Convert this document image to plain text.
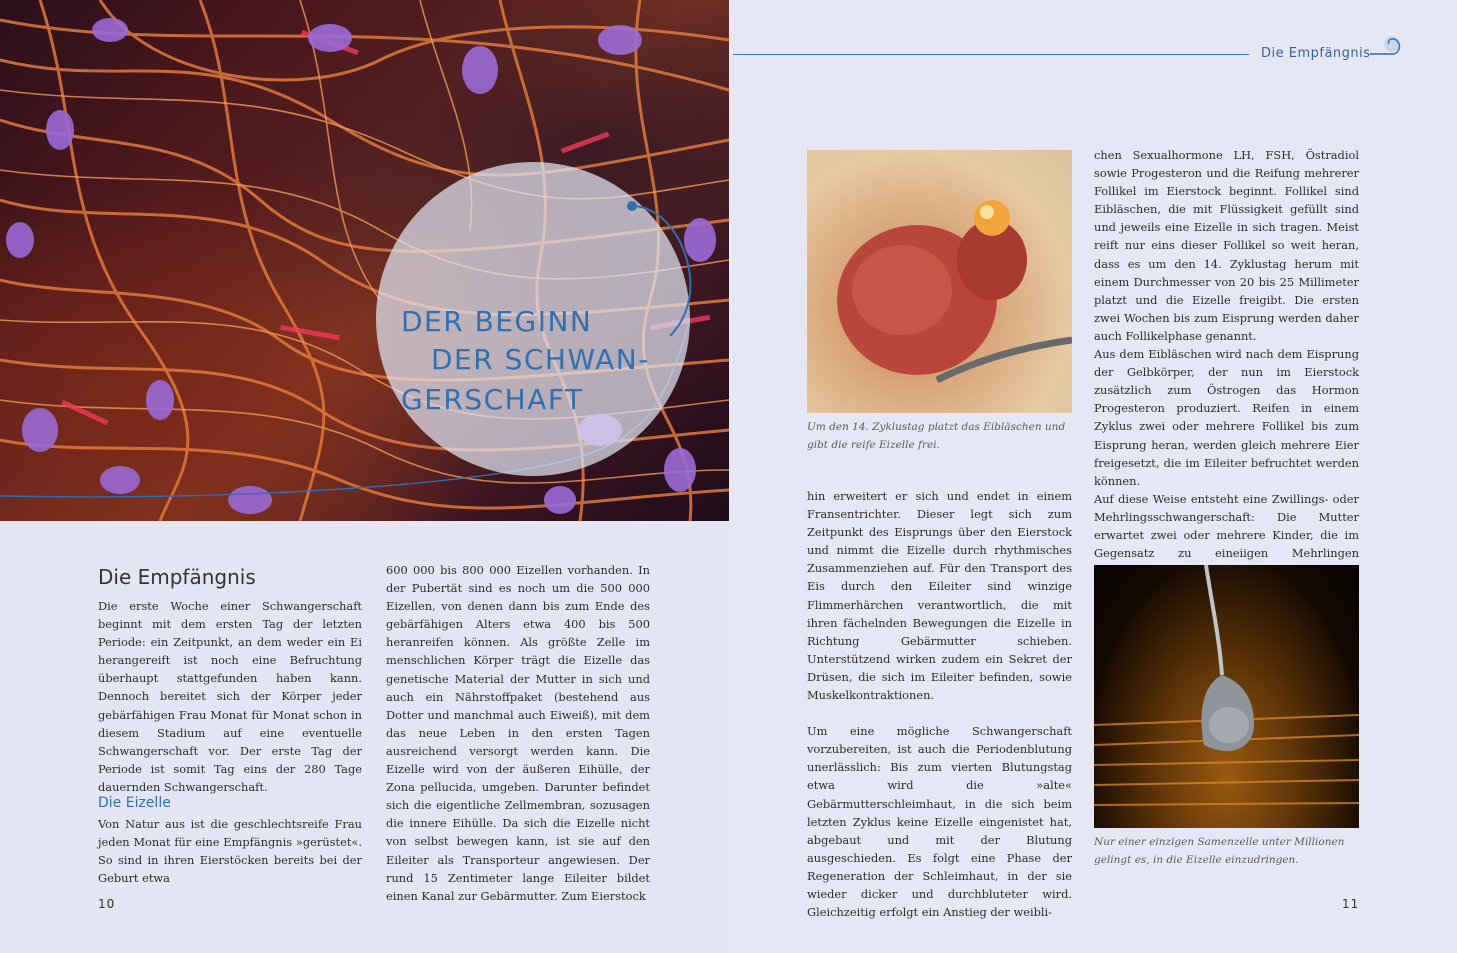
DER BEGINN
DER SCHWAN-
GERSCHAFT
Die Empfängnis
Die Empfängnis

Die erste Woche einer Schwangerschaft beginnt mit dem ersten Tag der letzten Periode: ein Zeitpunkt, an dem weder ein Ei herangereift ist noch eine Befruchtung überhaupt stattgefunden haben kann. Dennoch bereitet sich der Körper jeder gebärfähigen Frau Monat für Monat schon in diesem Stadium auf eine eventuelle Schwangerschaft vor. Der erste Tag der Periode ist somit Tag eins der 280 Tage dauernden Schwangerschaft.

Die Eizelle

Von Natur aus ist die geschlechtsreife Frau jeden Monat für eine Empfängnis »gerüstet«. So sind in ihren Eierstöcken bereits bei der Geburt etwa

600 000 bis 800 000 Eizellen vorhanden. In der Pubertät sind es noch um die 500 000 Eizellen, von denen dann bis zum Ende des gebärfähigen Alters etwa 400 bis 500 heranreifen können. Als größte Zelle im menschlichen Körper trägt die Eizelle das genetische Material der Mutter in sich und auch ein Nährstoffpaket (bestehend aus Dotter und manchmal auch Eiweiß), mit dem das neue Leben in den ersten Tagen ausreichend versorgt werden kann. Die Eizelle wird von der äußeren Eihülle, der Zona pellucida, umgeben. Darunter befindet sich die eigentliche Zellmembran, sozusagen die innere Eihülle. Da sich die Eizelle nicht von selbst bewegen kann, ist sie auf den Eileiter als Transporteur angewiesen. Der rund 15 Zentimeter lange Eileiter bildet einen Kanal zur Gebärmutter. Zum Eierstock

10
Um den 14. Zyklustag platzt das Eibläschen und gibt die reife Eizelle frei.

hin erweitert er sich und endet in einem Fransentrichter. Dieser legt sich zum Zeitpunkt des Eisprungs über den Eierstock und nimmt die Eizelle durch rhythmisches Zusammenziehen auf. Für den Transport des Eis durch den Eileiter sind winzige Flimmerhärchen verantwortlich, die mit ihren fächelnden Bewegungen die Eizelle in Richtung Gebärmutter schieben. Unterstützend wirken zudem ein Sekret der Drüsen, die sich im Eileiter befinden, sowie Muskelkontraktionen.

Um eine mögliche Schwangerschaft vorzubereiten, ist auch die Periodenblutung unerlässlich: Bis zum vierten Blutungstag etwa wird die »alte« Gebärmutterschleimhaut, in die sich beim letzten Zyklus keine Eizelle eingenistet hat, abgebaut und mit der Blutung ausgeschieden. Es folgt eine Phase der Regeneration der Schleimhaut, in der sie wieder dicker und durchbluteter wird. Gleichzeitig erfolgt ein Anstieg der weibli-

chen Sexualhormone LH, FSH, Östradiol sowie Progesteron und die Reifung mehrerer Follikel im Eierstock beginnt. Follikel sind Eibläschen, die mit Flüssigkeit gefüllt sind und jeweils eine Eizelle in sich tragen. Meist reift nur eins dieser Follikel so weit heran, dass es um den 14. Zyklustag herum mit einem Durchmesser von 20 bis 25 Millimeter platzt und die Eizelle freigibt. Die ersten zwei Wochen bis zum Eisprung werden daher auch Follikelphase genannt.

Aus dem Eibläschen wird nach dem Eisprung der Gelbkörper, der nun im Eierstock zusätzlich zum Östrogen das Hormon Progesteron produziert. Reifen in einem Zyklus zwei oder mehrere Follikel bis zum Eisprung heran, werden gleich mehrere Eier freigesetzt, die im Eileiter befruchtet werden können.

Auf diese Weise entsteht eine Zwillings- oder Mehrlingsschwangerschaft: Die Mutter erwartet zwei oder mehrere Kinder, die im Gegensatz zu eineiigen Mehrlingen

Nur einer einzigen Samenzelle unter Millionen gelingt es, in die Eizelle einzudringen.
11
